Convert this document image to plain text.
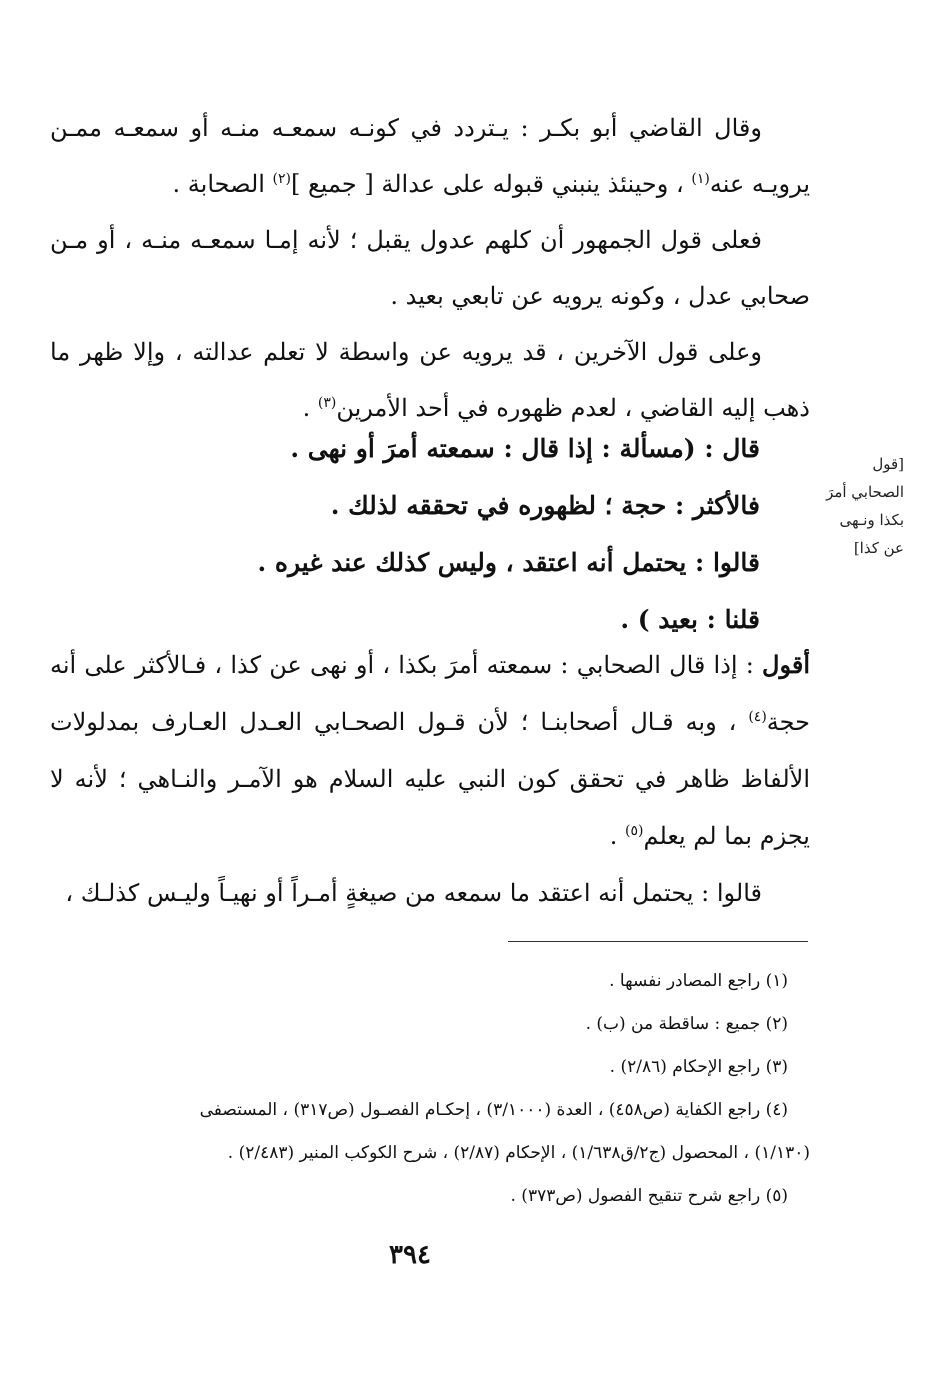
وقال القاضي أبو بكـر : يـتردد في كونـه سمعـه منـه أو سمعـه ممـن يرويـه عنه$^{(١)}$ ، وحينئذ ينبني قبوله على عدالة [ جميع ]$^{(٢)}$ الصحابة .

فعلى قول الجمهور أن كلهم عدول يقبل ؛ لأنه إمـا سمعـه منـه ، أو مـن صحابي عدل ، وكونه يرويه عن تابعي بعيد .

وعلى قول الآخرين ، قد يرويه عن واسطة لا تعلم عدالته ، وإلا ظهر ما ذهب إليه القاضي ، لعدم ظهوره في أحد الأمرين$^{(٣)}$ .

[قول
الصحابي أمرَ
بكذا ونـهى
عن كذا]

قال : (مسألة : إذا قال : سمعته أمرَ أو نهى .

فالأكثر : حجة ؛ لظهوره في تحققه لذلك .

قالوا : يحتمل أنه اعتقد ، وليس كذلك عند غيره .

قلنا : بعيد ) .

أقول : إذا قال الصحابي : سمعته أمرَ بكذا ، أو نهى عن كذا ، فـالأكثر على أنه حجة$^{(٤)}$ ، وبه قـال أصحابنـا ؛ لأن قـول الصحـابي العـدل العـارف بمدلولات الألفاظ ظاهر في تحقق كون النبي عليه السلام هو الآمـر والنـاهي ؛ لأنه لا يجزم بما لم يعلم$^{(٥)}$ .

قالوا : يحتمل أنه اعتقد ما سمعه من صيغةٍ أمـراً أو نهيـاً وليـس كذلـك ،

(١) راجع المصادر نفسها .

(٢) جميع : ساقطة من (ب) .

(٣) راجع الإحكام (٢/٨٦) .

(٤) راجع الكفاية (ص٤٥٨) ، العدة (٣/١٠٠٠) ، إحكـام الفصـول (ص٣١٧) ، المستصفى

(١/١٣٠) ، المحصول (ج٢/ق١/٦٣٨) ، الإحكام (٢/٨٧) ، شرح الكوكب المنير (٢/٤٨٣) .

(٥) راجع شرح تنقيح الفصول (ص٣٧٣) .

٣٩٤
